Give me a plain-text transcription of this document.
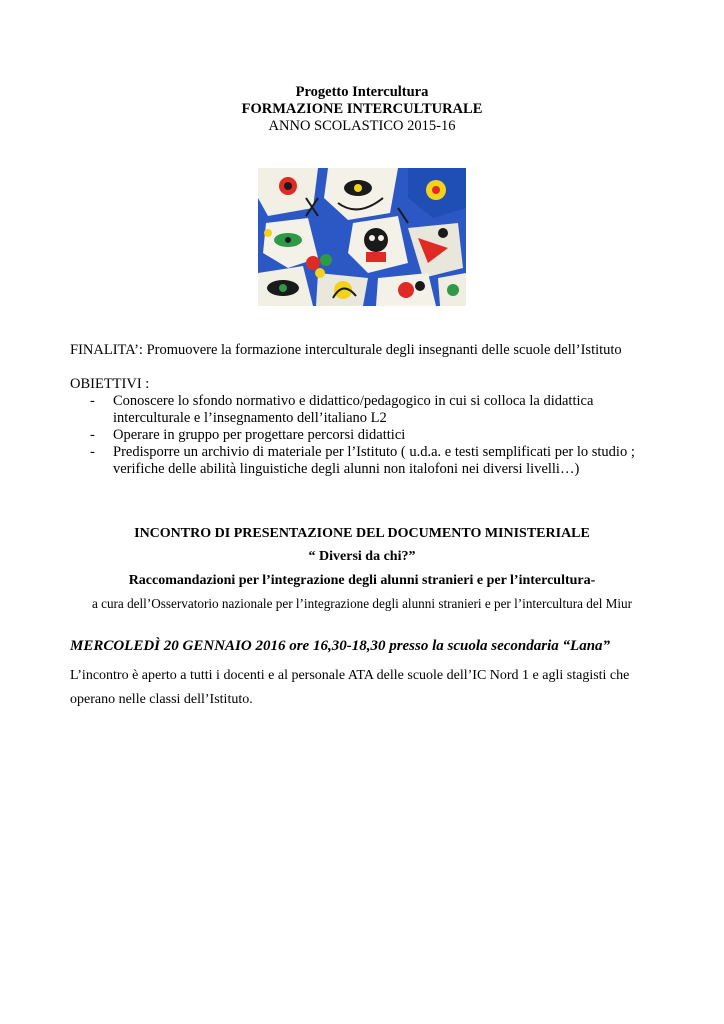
Progetto Intercultura
FORMAZIONE INTERCULTURALE
ANNO SCOLASTICO 2015-16
FINALITA’: Promuovere la formazione interculturale degli insegnanti delle scuole dell’Istituto
OBIETTIVI :
- Conoscere lo sfondo normativo e didattico/pedagogico in cui si colloca la didattica
interculturale e l’insegnamento dell’italiano L2
- Operare in gruppo per progettare percorsi didattici
- Predisporre un archivio di materiale per l’Istituto ( u.d.a. e testi semplificati per lo studio ;
verifiche delle abilità linguistiche degli alunni non italofoni nei diversi livelli…)
INCONTRO DI PRESENTAZIONE DEL DOCUMENTO MINISTERIALE
“ Diversi da chi?”
Raccomandazioni per l’integrazione degli alunni stranieri e per l’intercultura-
a cura dell’Osservatorio nazionale per l’integrazione degli alunni stranieri e per l’intercultura del Miur
MERCOLEDÌ 20 GENNAIO 2016 ore 16,30-18,30 presso la scuola secondaria “Lana”
L’incontro è aperto a tutti i docenti e al personale ATA delle scuole dell’IC Nord 1 e agli stagisti che operano nelle classi dell’Istituto.
